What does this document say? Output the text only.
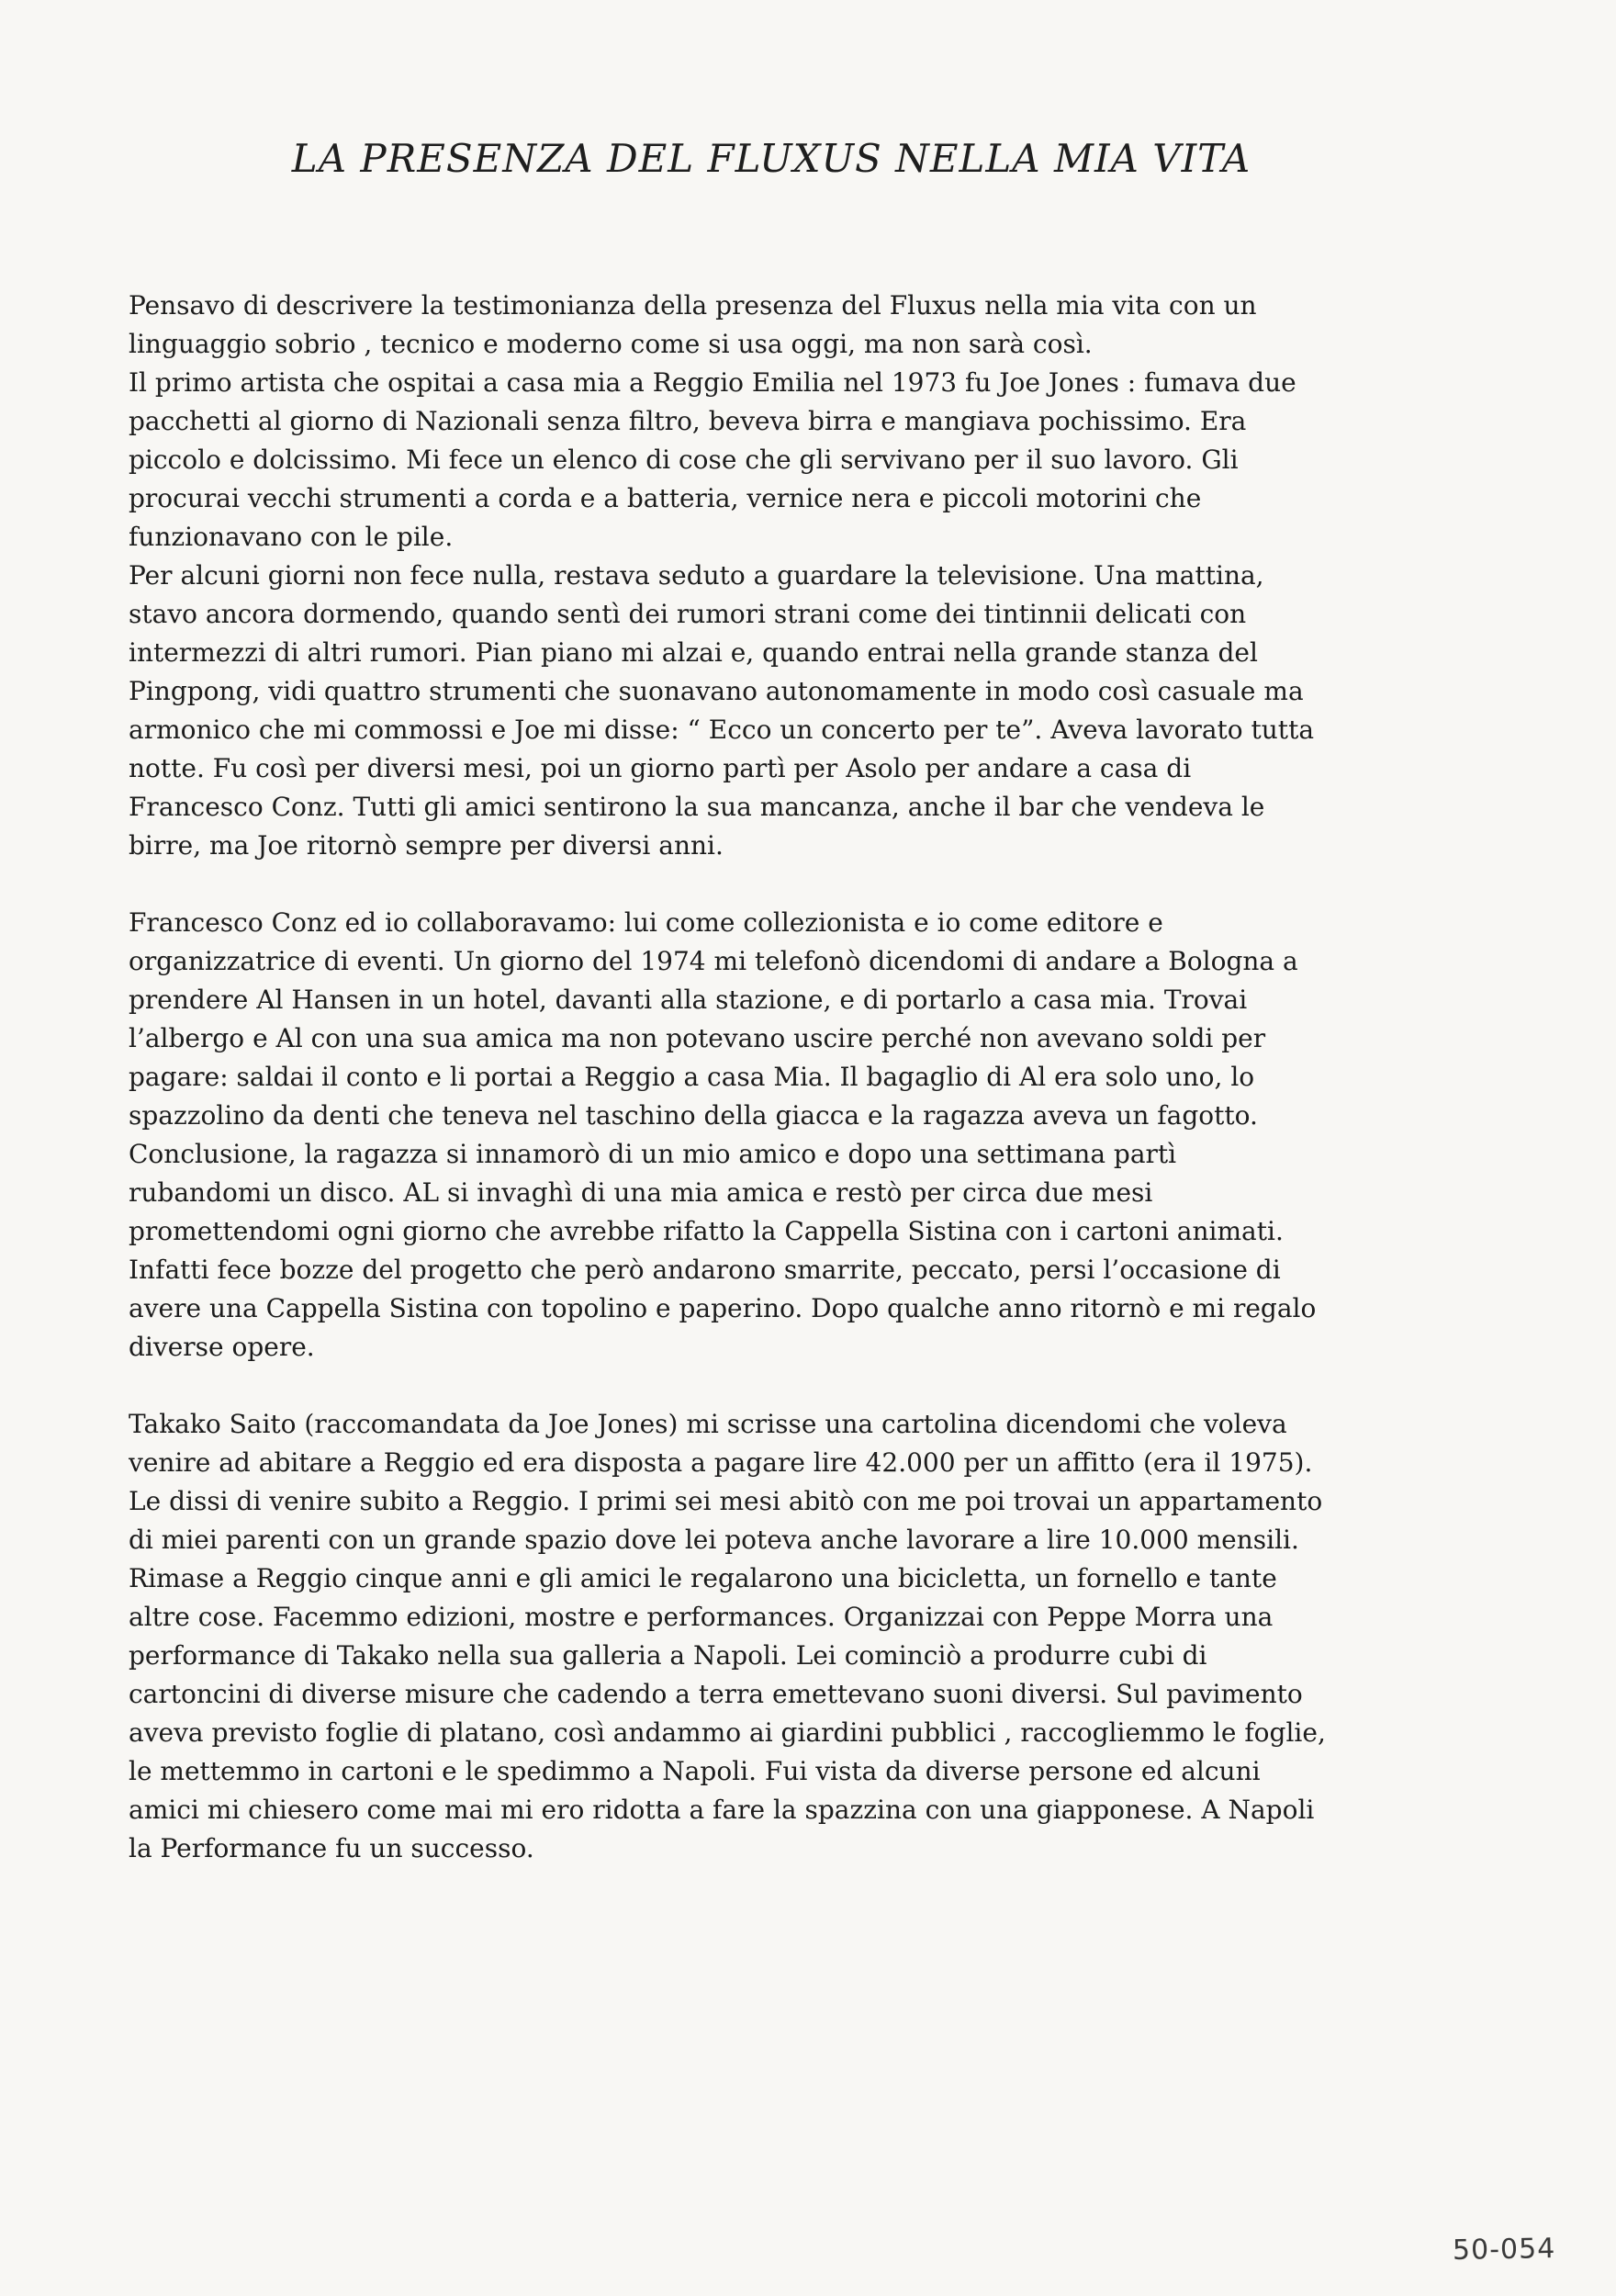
LA PRESENZA DEL FLUXUS NELLA MIA VITA
Pensavo di descrivere la testimonianza della presenza del Fluxus nella mia vita con un
linguaggio sobrio , tecnico e moderno come si usa oggi, ma non sarà così.
Il primo artista che ospitai a casa mia a Reggio Emilia nel 1973 fu Joe Jones : fumava due
pacchetti al giorno di Nazionali senza filtro, beveva birra e mangiava pochissimo. Era
piccolo e dolcissimo. Mi fece un elenco di cose che gli servivano per il suo lavoro. Gli
procurai vecchi strumenti a corda e a batteria, vernice nera e piccoli motorini che
funzionavano con le pile.
Per alcuni giorni non fece nulla, restava seduto a guardare la televisione. Una mattina,
stavo ancora dormendo, quando sentì dei rumori strani come dei tintinnii delicati con
intermezzi di altri rumori. Pian piano mi alzai e, quando entrai nella grande stanza del
Pingpong, vidi quattro strumenti che suonavano autonomamente in modo così casuale ma
armonico che mi commossi e Joe mi disse: “ Ecco un concerto per te”. Aveva lavorato tutta
notte. Fu così per diversi mesi, poi un giorno partì per Asolo per andare a casa di
Francesco Conz. Tutti gli amici sentirono la sua mancanza, anche il bar che vendeva le
birre, ma Joe ritornò sempre per diversi anni.
Francesco Conz ed io collaboravamo: lui come collezionista e io come editore e
organizzatrice di eventi. Un giorno del 1974 mi telefonò dicendomi di andare a Bologna a
prendere Al Hansen in un hotel, davanti alla stazione, e di portarlo a casa mia. Trovai
l’albergo e Al con una sua amica ma non potevano uscire perché non avevano soldi per
pagare: saldai il conto e li portai a Reggio a casa Mia. Il bagaglio di Al era solo uno, lo
spazzolino da denti che teneva nel taschino della giacca e la ragazza aveva un fagotto.
Conclusione, la ragazza si innamorò di un mio amico e dopo una settimana partì
rubandomi un disco. AL si invaghì di una mia amica e restò per circa due mesi
promettendomi ogni giorno che avrebbe rifatto la Cappella Sistina con i cartoni animati.
Infatti fece bozze del progetto che però andarono smarrite, peccato, persi l’occasione di
avere una Cappella Sistina con topolino e paperino. Dopo qualche anno ritornò e mi regalo
diverse opere.
Takako Saito (raccomandata da Joe Jones) mi scrisse una cartolina dicendomi che voleva
venire ad abitare a Reggio ed era disposta a pagare lire 42.000 per un affitto (era il 1975).
Le dissi di venire subito a Reggio. I primi sei mesi abitò con me poi trovai un appartamento
di miei parenti con un grande spazio dove lei poteva anche lavorare a lire 10.000 mensili.
Rimase a Reggio cinque anni e gli amici le regalarono una bicicletta, un fornello e tante
altre cose. Facemmo edizioni, mostre e performances. Organizzai con Peppe Morra una
performance di Takako nella sua galleria a Napoli. Lei cominciò a produrre cubi di
cartoncini di diverse misure che cadendo a terra emettevano suoni diversi. Sul pavimento
aveva previsto foglie di platano, così andammo ai giardini pubblici , raccogliemmo le foglie,
le mettemmo in cartoni e le spedimmo a Napoli. Fui vista da diverse persone ed alcuni
amici mi chiesero come mai mi ero ridotta a fare la spazzina con una giapponese. A Napoli
la Performance fu un successo.
50-054
